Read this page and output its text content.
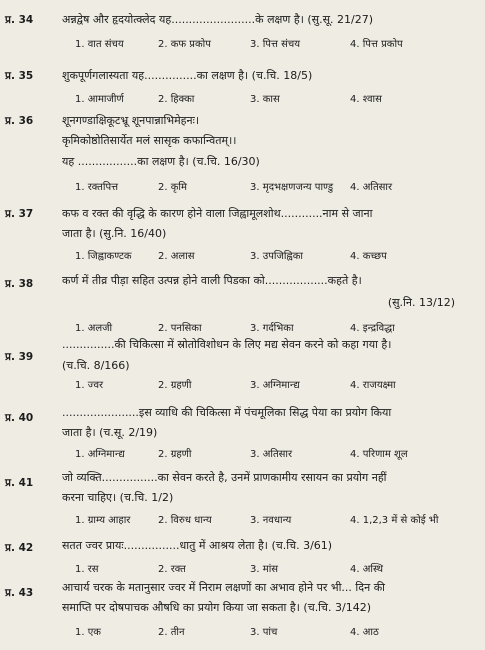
प्र. 34	अन्नद्वेष और हृदयोत्क्लेद यह........................के लक्षण है। (सु.सू. 21/27)
1. वात संचय	2. कफ प्रकोप	3. पित्त संचय	4. पित्त प्रकोप
प्र. 35	शुकपूर्णगलास्यता यह...............का लक्षण है। (च.चि. 18/5)
1. आमाजीर्ण	2. हिक्का	3. कास	4. श्वास
प्र. 36	शूनगण्डाक्षिकूटभ्रू शूनपान्नाभिमेहनः।
कृमिकोष्ठोतिसार्येत मलं सासृक कफान्वितम्।।
यह .................का लक्षण है। (च.चि. 16/30)
1. रक्तपित्त	2. कृमि	3. मृदभक्षणजन्य पाण्डु 4. अतिसार
प्र. 37	कफ व रक्त की वृद्धि के कारण होने वाला जिह्वामूलशोथ............नाम से जाना
जाता है। (सु.नि. 16/40)
1. जिह्वाकण्टक	2. अलास	3. उपजिह्विका	4. कच्छप
प्र. 38	कर्ण में तीव्र पीड़ा सहित उत्पन्न होने वाली पिडका को..................कहते है।
(सु.नि. 13/12)
1. अलजी	2. पनसिका	3. गर्दभिका	4. इन्द्रविद्धा
प्र. 39
...............की चिकित्सा में स्रोतोविशोधन के लिए मद्य सेवन करने को कहा गया है।
(च.चि. 8/166)
1. ज्वर	2. ग्रहणी	3. अग्निमान्द्य	4. राजयक्ष्मा
प्र. 40	......................इस व्याधि की चिकित्सा में पंचमूलिका सिद्ध पेया का प्रयोग किया
जाता है। (च.सू. 2/19)
1. अग्निमान्द्य	2. ग्रहणी	3. अतिसार	4. परिणाम शूल
प्र. 41	जो व्यक्ति................का सेवन करते है, उनमें प्राणकामीय रसायन का प्रयोग नहीं
करना चाहिए। (च.चि. 1/2)
1. ग्राम्य आहार	2. विरुध धान्य	3. नवधान्य	4. 1,2,3 में से कोई भी
प्र. 42	सतत ज्वर प्रायः................धातु में आश्रय लेता है। (च.चि. 3/61)
1. रस	2. रक्त	3. मांस	4. अस्थि
प्र. 43	आचार्य चरक के मतानुसार ज्वर में निराम लक्षणों का अभाव होने पर भी... दिन की
समाप्ति पर दोषपाचक औषधि का प्रयोग किया जा सकता है। (च.चि. 3/142)
1. एक	2. तीन	3. पांच	4. आठ
